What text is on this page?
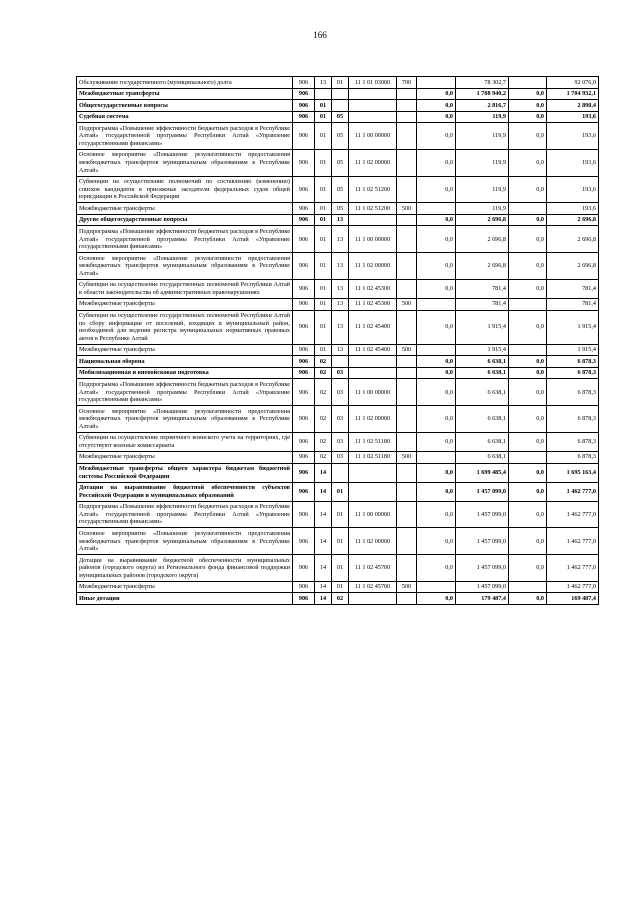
166
Обслуживание государственного (муниципального) долга	906	13	01	11 1 01 03000	700		78 302,7		92 076,0
Межбюджетные трансферты	906					0,0	1 708 940,2	0,0	1 704 932,1
Общегосударственные вопросы	906	01				0,0	2 816,7	0,0	2 890,4
Судебная система	906	01	05			0,0	119,9	0,0	193,6
Подпрограмма «Повышение эффективности бюджетных расходов в Республике Алтай» государственной программы Республики Алтай «Управление государственными финансами»	906	01	05	11 1 00 00000		0,0	119,9	0,0	193,6
Основное мероприятие «Повышение результативности предоставления межбюджетных трансфертов муниципальным образованиям в Республике Алтай»	906	01	05	11 1 02 00000		0,0	119,9	0,0	193,6
Субвенции на осуществление полномочий по составлению (изменению) списков кандидатов в присяжные заседатели федеральных судов общей юрисдикции в Российской Федерации	906	01	05	11 1 02 51200		0,0	119,9	0,0	193,6
Межбюджетные трансферты	906	01	05	11 1 02 51200	500		119,9		193,6
Другие общегосударственные вопросы	906	01	13			0,0	2 696,8	0,0	2 696,8
Подпрограмма «Повышение эффективности бюджетных расходов в Республике Алтай» государственной программы Республики Алтай «Управление государственными финансами»	906	01	13	11 1 00 00000		0,0	2 696,8	0,0	2 696,8
Основное мероприятие «Повышение результативности предоставления межбюджетных трансфертов муниципальным образованиям в Республике Алтай»	906	01	13	11 1 02 00000		0,0	2 696,8	0,0	2 696,8
Субвенции на осуществление государственных полномочий Республики Алтай в области законодательства об административных правонарушениях	906	01	13	11 1 02 45300		0,0	781,4	0,0	781,4
Межбюджетные трансферты	906	01	13	11 1 02 45300	500		781,4		781,4
Субвенции на осуществление государственных полномочий Республики Алтай по сбору информации от поселений, входящих в муниципальный район, необходимой для ведения регистра муниципальных нормативных правовых актов в Республике Алтай	906	01	13	11 1 02 45400		0,0	1 915,4	0,0	1 915,4
Межбюджетные трансферты	906	01	13	11 1 02 45400	500		1 915,4		1 915,4
Национальная оборона	906	02				0,0	6 638,1	0,0	6 878,3
Мобилизационная и вневойсковая подготовка	906	02	03			0,0	6 638,1	0,0	6 878,3
Подпрограмма «Повышение эффективности бюджетных расходов в Республике Алтай» государственной программы Республики Алтай «Управление государственными финансами»	906	02	03	11 1 00 00000		0,0	6 638,1	0,0	6 878,3
Основное мероприятие «Повышение результативности предоставления межбюджетных трансфертов муниципальным образованиям в Республике Алтай»	906	02	03	11 1 02 00000		0,0	6 638,1	0,0	6 878,3
Субвенции на осуществление первичного воинского учета на территориях, где отсутствуют военные комиссариаты	906	02	03	11 1 02 51180		0,0	6 638,1	0,0	6 878,3
Межбюджетные трансферты	906	02	03	11 1 02 51180	500		6 638,1		6 878,3
Межбюджетные трансферты общего характера бюджетам бюджетной системы Российской Федерации	906	14				0,0	1 699 485,4	0,0	1 695 163,4
Дотации на выравнивание бюджетной обеспеченности субъектов Российской Федерации и муниципальных образований	906	14	01			0,0	1 457 099,0	0,0	1 462 777,0
Подпрограмма «Повышение эффективности бюджетных расходов в Республике Алтай» государственной программы Республики Алтай «Управление государственными финансами»	906	14	01	11 1 00 00000		0,0	1 457 099,0	0,0	1 462 777,0
Основное мероприятие «Повышение результативности предоставления межбюджетных трансфертов муниципальным образованиям в Республике Алтай»	906	14	01	11 1 02 00000		0,0	1 457 099,0	0,0	1 462 777,0
Дотации на выравнивание бюджетной обеспеченности муниципальных районов (городского округа) из Регионального фонда финансовой поддержки муниципальных районов (городского округа)	906	14	01	11 1 02 45700		0,0	1 457 099,0	0,0	1 462 777,0
Межбюджетные трансферты	906	14	01	11 1 02 45700	500		1 457 099,0		1 462 777,0
Иные дотации	906	14	02			0,0	179 487,4	0,0	169 487,4
